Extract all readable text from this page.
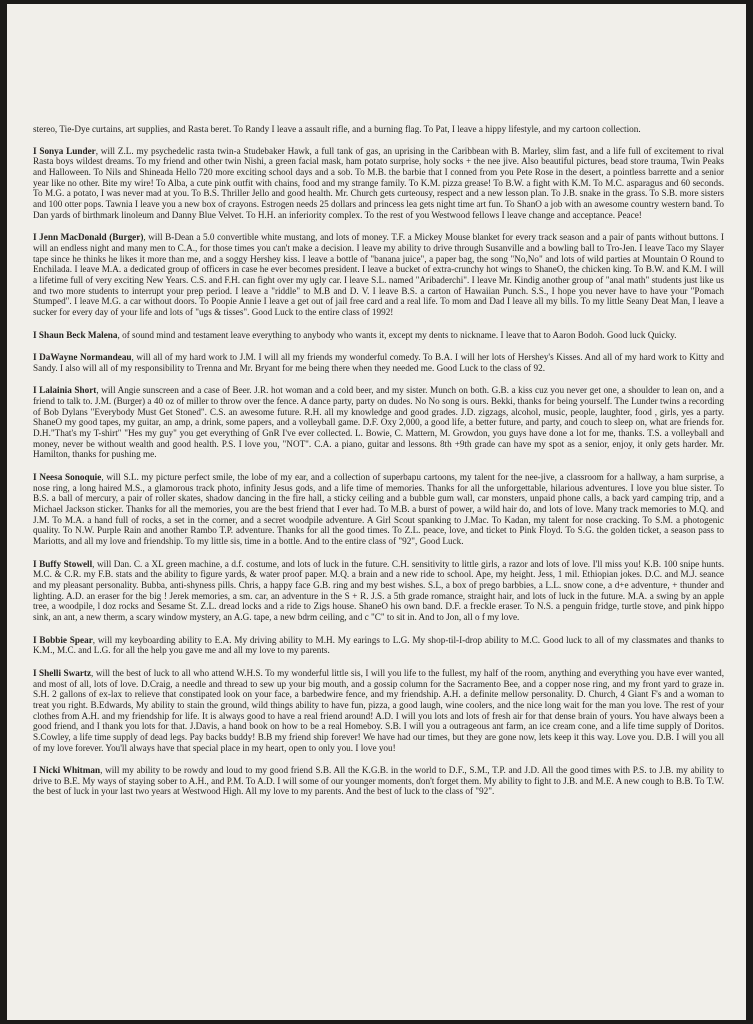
stereo, Tie-Dye curtains, art supplies, and Rasta beret. To Randy I leave a assault rifle, and a burning flag. To Pat, I leave a hippy lifestyle, and my cartoon collection.

I Sonya Lunder, will Z.L. my psychedelic rasta twin-a Studebaker Hawk, a full tank of gas, an uprising in the Caribbean with B. Marley, slim fast, and a life full of excitement to rival Rasta boys wildest dreams. To my friend and other twin Nishi, a green facial mask, ham potato surprise, holy socks + the nee jive. Also beautiful pictures, bead store trauma, Twin Peaks and Halloween. To Nils and Shineada Hello 720 more exciting school days and a sob. To M.B. the barbie that I conned from you Pete Rose in the desert, a pointless barrette and a senior year like no other. Bite my wire! To Alba, a cute pink outfit with chains, food and my strange family. To K.M. pizza grease! To B.W. a fight with K.M. To M.C. asparagus and 60 seconds. To M.G. a potato, I was never mad at you. To B.S. Thriller Jello and good health. Mr. Church gets curteousy, respect and a new lesson plan. To J.B. snake in the grass. To S.B. more sisters and 100 otter pops. Tawnia I leave you a new box of crayons. Estrogen needs 25 dollars and princess lea gets night time art fun. To ShanO a job with an awesome country western band. To Dan yards of birthmark linoleum and Danny Blue Velvet. To H.H. an inferiority complex. To the rest of you Westwood fellows I leave change and acceptance. Peace!

I Jenn MacDonald (Burger), will B-Dean a 5.0 convertible white mustang, and lots of money. T.F. a Mickey Mouse blanket for every track season and a pair of pants without buttons. I will an endless night and many men to C.A., for those times you can't make a decision. I leave my ability to drive through Susanville and a bowling ball to Tro-Jen. I leave Taco my Slayer tape since he thinks he likes it more than me, and a soggy Hershey kiss. I leave a bottle of "banana juice", a paper bag, the song "No,No" and lots of wild parties at Mountain O Round to Enchilada. I leave M.A. a dedicated group of officers in case he ever becomes president. I leave a bucket of extra-crunchy hot wings to ShaneO, the chicken king. To B.W. and K.M. I will a lifetime full of very exciting New Years. C.S. and F.H. can fight over my ugly car. I leave S.L. named "Aribaderchi". I leave Mr. Kindig another group of "anal math" students just like us and two more students to interrupt your prep period. I leave a "riddle" to M.B and D. V. I leave B.S. a carton of Hawaiian Punch. S.S., I hope you never have to have your "Pomach Stumped". I leave M.G. a car without doors. To Poopie Annie I leave a get out of jail free card and a real life. To mom and Dad I leave all my bills. To my little Seany Deat Man, I leave a sucker for every day of your life and lots of "ugs & tisses". Good Luck to the entire class of 1992!

I Shaun Beck Malena, of sound mind and testament leave everything to anybody who wants it, except my dents to nickname. I leave that to Aaron Bodoh. Good luck Quicky.

I DaWayne Normandeau, will all of my hard work to J.M. I will all my friends my wonderful comedy. To B.A. I will her lots of Hershey's Kisses. And all of my hard work to Kitty and Sandy. I also will all of my responsibility to Trenna and Mr. Bryant for me being there when they needed me. Good Luck to the class of 92.

I Lalainia Short, will Angie sunscreen and a case of Beer. J.R. hot woman and a cold beer, and my sister. Munch on both. G.B. a kiss cuz you never get one, a shoulder to lean on, and a friend to talk to. J.M. (Burger) a 40 oz of miller to throw over the fence. A dance party, party on dudes. No No song is ours. Bekki, thanks for being yourself. The Lunder twins a recording of Bob Dylans "Everybody Must Get Stoned". C.S. an awesome future. R.H. all my knowledge and good grades. J.D. zigzags, alcohol, music, people, laughter, food , girls, yes a party. ShaneO my good tapes, my guitar, an amp, a drink, some papers, and a volleyball game. D.F. Oxy 2,000, a good life, a better future, and party, and couch to sleep on, what are friends for. D.H."That's my T-shirt" "Hes my guy" you get everything of GnR I've ever collected. L. Bowie, C. Mattern, M. Growdon, you guys have done a lot for me, thanks. T.S. a volleyball and money, never be without wealth and good health. P.S. I love you, "NOT". C.A. a piano, guitar and lessons. 8th +9th grade can have my spot as a senior, enjoy, it only gets harder. Mr. Hamilton, thanks for pushing me.

I Neesa Sonoquie, will S.L. my picture perfect smile, the lobe of my ear, and a collection of superbapu cartoons, my talent for the nee-jive, a classroom for a hallway, a ham surprise, a nose ring, a long haired M.S., a glamorous track photo, infinity Jesus gods, and a life time of memories. Thanks for all the unforgettable, hilarious adventures. I love you blue sister. To B.S. a ball of mercury, a pair of roller skates, shadow dancing in the fire hall, a sticky ceiling and a bubble gum wall, car monsters, unpaid phone calls, a back yard camping trip, and a Michael Jackson sticker. Thanks for all the memories, you are the best friend that I ever had. To M.B. a burst of power, a wild hair do, and lots of love. Many track memories to M.Q. and J.M. To M.A. a hand full of rocks, a set in the corner, and a secret woodpile adventure. A Girl Scout spanking to J.Mac. To Kadan, my talent for nose cracking. To S.M. a photogenic quality. To N.W. Purple Rain and another Rambo T.P. adventure. Thanks for all the good times. To Z.L. peace, love, and ticket to Pink Floyd. To S.G. the golden ticket, a season pass to Mariotts, and all my love and friendship. To my little sis, time in a bottle. And to the entire class of "92", Good Luck.

I Buffy Stowell, will Dan. C. a XL green machine, a d.f. costume, and lots of luck in the future. C.H. sensitivity to little girls, a razor and lots of love. I'll miss you! K.B. 100 snipe hunts. M.C. & C.R. my F.B. stats and the ability to figure yards, & water proof paper. M.Q. a brain and a new ride to school. Ape, my height. Jess, 1 mil. Ethiopian jokes. D.C. and M.J. seance and my pleasant personality. Bubba, anti-shyness pills. Chris, a happy face G.B. ring and my best wishes. S.L, a box of prego barbbies, a L.L. snow cone, a d+e adventure, + thunder and lighting. A.D. an eraser for the big ! Jerek memories, a sm. car, an adventure in the S + R. J.S. a 5th grade romance, straight hair, and lots of luck in the future. M.A. a swing by an apple tree, a woodpile, l doz rocks and Sesame St. Z.L. dread locks and a ride to Zigs house. ShaneO his own band. D.F. a freckle eraser. To N.S. a penguin fridge, turtle stove, and pink hippo sink, an ant, a new therm, a scary window mystery, an A.G. tape, a new bdrm ceiling, and c "C" to sit in. And to Jon, all o f my love.

I Bobbie Spear, will my keyboarding ability to E.A. My driving ability to M.H. My earings to L.G. My shop-til-I-drop ability to M.C. Good luck to all of my classmates and thanks to K.M., M.C. and L.G. for all the help you gave me and all my love to my parents.

I Shelli Swartz, will the best of luck to all who attend W.H.S. To my wonderful little sis, I will you life to the fullest, my half of the room, anything and everything you have ever wanted, and most of all, lots of love. D.Craig, a needle and thread to sew up your big mouth, and a gossip column for the Sacramento Bee, and a copper nose ring, and my front yard to graze in. S.H. 2 gallons of ex-lax to relieve that constipated look on your face, a barbedwire fence, and my friendship. A.H. a definite mellow personality. D. Church, 4 Giant F's and a woman to treat you right. B.Edwards, My ability to stain the ground, wild things ability to have fun, pizza, a good laugh, wine coolers, and the nice long wait for the man you love. The rest of your clothes from A.H. and my friendship for life. It is always good to have a real friend around! A.D. I will you lots and lots of fresh air for that dense brain of yours. You have always been a good friend, and I thank you lots for that. J.Davis, a hand book on how to be a real Homeboy. S.B. I will you a outrageous ant farm, an ice cream cone, and a life time supply of Doritos. S.Cowley, a life time supply of dead legs. Pay backs buddy! B.B my friend ship forever! We have had our times, but they are gone now, lets keep it this way. Love you. D.B. I will you all of my love forever. You'll always have that special place in my heart, open to only you. I love you!

I Nicki Whitman, will my ability to be rowdy and loud to my good friend S.B. All the K.G.B. in the world to D.F., S.M., T.P. and J.D. All the good times with P.S. to J.B. my ability to drive to B.E. My ways of staying sober to A.H., and P.M. To A.D. I will some of our younger moments, don't forget them. My ability to fight to J.B. and M.E. A new cough to B.B. To T.W. the best of luck in your last two years at Westwood High. All my love to my parents. And the best of luck to the class of "92".
